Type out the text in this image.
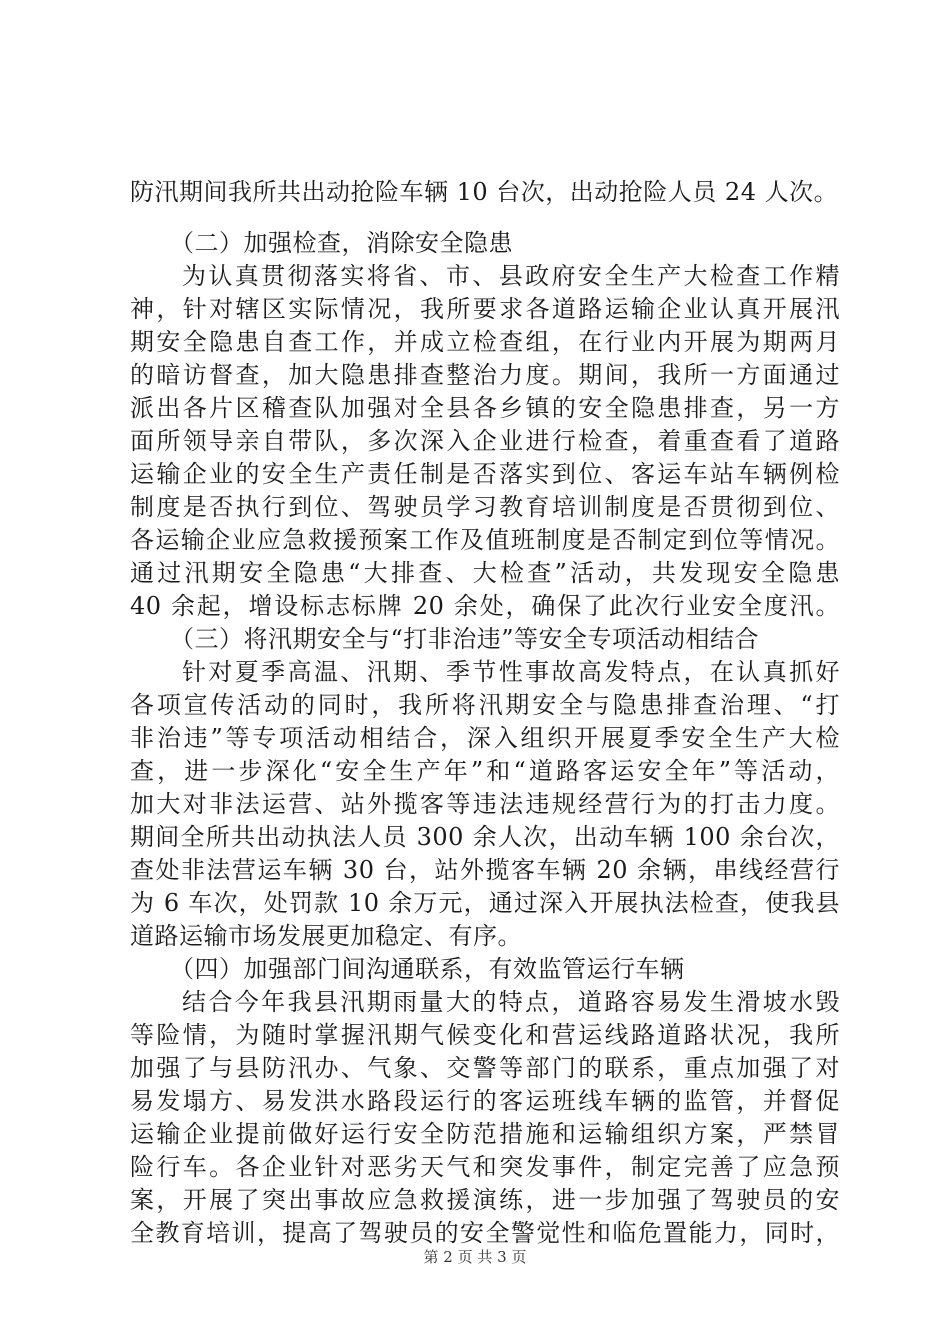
防汛期间我所共出动抢险车辆 10 台次，出动抢险人员 24 人次。
（二）加强检查，消除安全隐患
为认真贯彻落实将省、市、县政府安全生产大检查工作精
神，针对辖区实际情况，我所要求各道路运输企业认真开展汛
期安全隐患自查工作，并成立检查组，在行业内开展为期两月
的暗访督查，加大隐患排查整治力度。期间，我所一方面通过
派出各片区稽查队加强对全县各乡镇的安全隐患排查，另一方
面所领导亲自带队，多次深入企业进行检查，着重查看了道路
运输企业的安全生产责任制是否落实到位、客运车站车辆例检
制度是否执行到位、驾驶员学习教育培训制度是否贯彻到位、
各运输企业应急救援预案工作及值班制度是否制定到位等情况。
通过汛期安全隐患“大排查、大检查”活动，共发现安全隐患
40 余起，增设标志标牌 20 余处，确保了此次行业安全度汛。
（三）将汛期安全与“打非治违”等安全专项活动相结合
针对夏季高温、汛期、季节性事故高发特点，在认真抓好
各项宣传活动的同时，我所将汛期安全与隐患排查治理、“打
非治违”等专项活动相结合，深入组织开展夏季安全生产大检
查，进一步深化“安全生产年”和“道路客运安全年”等活动，
加大对非法运营、站外揽客等违法违规经营行为的打击力度。
期间全所共出动执法人员 300 余人次，出动车辆 100 余台次，
查处非法营运车辆 30 台，站外揽客车辆 20 余辆，串线经营行
为 6 车次，处罚款 10 余万元，通过深入开展执法检查，使我县
道路运输市场发展更加稳定、有序。
（四）加强部门间沟通联系，有效监管运行车辆
结合今年我县汛期雨量大的特点，道路容易发生滑坡水毁
等险情，为随时掌握汛期气候变化和营运线路道路状况，我所
加强了与县防汛办、气象、交警等部门的联系，重点加强了对
易发塌方、易发洪水路段运行的客运班线车辆的监管，并督促
运输企业提前做好运行安全防范措施和运输组织方案，严禁冒
险行车。各企业针对恶劣天气和突发事件，制定完善了应急预
案，开展了突出事故应急救援演练，进一步加强了驾驶员的安
全教育培训，提高了驾驶员的安全警觉性和临危置能力，同时，
第 2 页 共 3 页
